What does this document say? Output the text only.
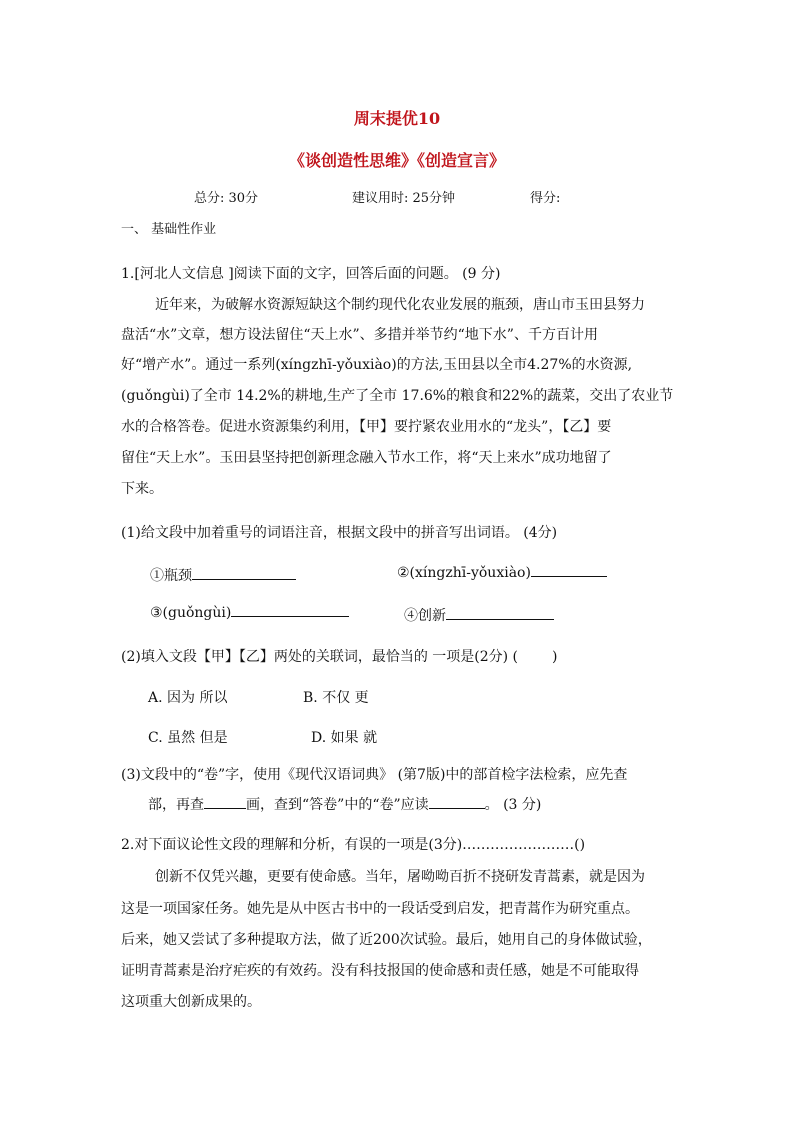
周末提优10
《谈创造性思维》《创造宣言》
总分: 30分	建议用时: 25分钟	得分:
一、 基础性作业
1.[河北人文信息 ]阅读下面的文字，回答后面的问题。 (9 分)
近年来，为破解水资源短缺这个制约现代化农业发展的瓶颈，唐山市玉田县努力
盘活“水”文章，想方设法留住“天上水”、多措并举节约“地下水”、千方百计用
好“增产水”。通过一系列(xíngzhī-yǒuxiào)的方法,玉田县以全市4.27%的水资源,
(guǒngùi)了全市 14.2%的耕地,生产了全市 17.6%的粮食和22%的蔬菜，交出了农业节
水的合格答卷。促进水资源集约利用，【甲】要拧紧农业用水的“龙头”，【乙】要
留住“天上水”。玉田县坚持把创新理念融入节水工作，将“天上来水”成功地留了
下来。
(1)给文段中加着重号的词语注音，根据文段中的拼音写出词语。 (4分)
①瓶颈	②(xíngzhī-yǒuxiào)
③(guǒngùi)	④创新
(2)填入文段【甲】【乙】两处的关联词，最恰当的 一项是(2分) ( )
A. 因为 所以	B. 不仅 更
C. 虽然 但是	D. 如果 就
(3)文段中的“卷”字，使用《现代汉语词典》 (第7版)中的部首检字法检索，应先查
部，再查	画，查到“答卷”中的“卷”应读	。 (3 分)
2.对下面议论性文段的理解和分析，有误的一项是(3分)……………………()
创新不仅凭兴趣，更要有使命感。当年，屠呦呦百折不挠研发青蒿素，就是因为
这是一项国家任务。她先是从中医古书中的一段话受到启发，把青蒿作为研究重点。
后来，她又尝试了多种提取方法，做了近200次试验。最后，她用自己的身体做试验，
证明青蒿素是治疗疟疾的有效药。没有科技报国的使命感和责任感，她是不可能取得
这项重大创新成果的。
